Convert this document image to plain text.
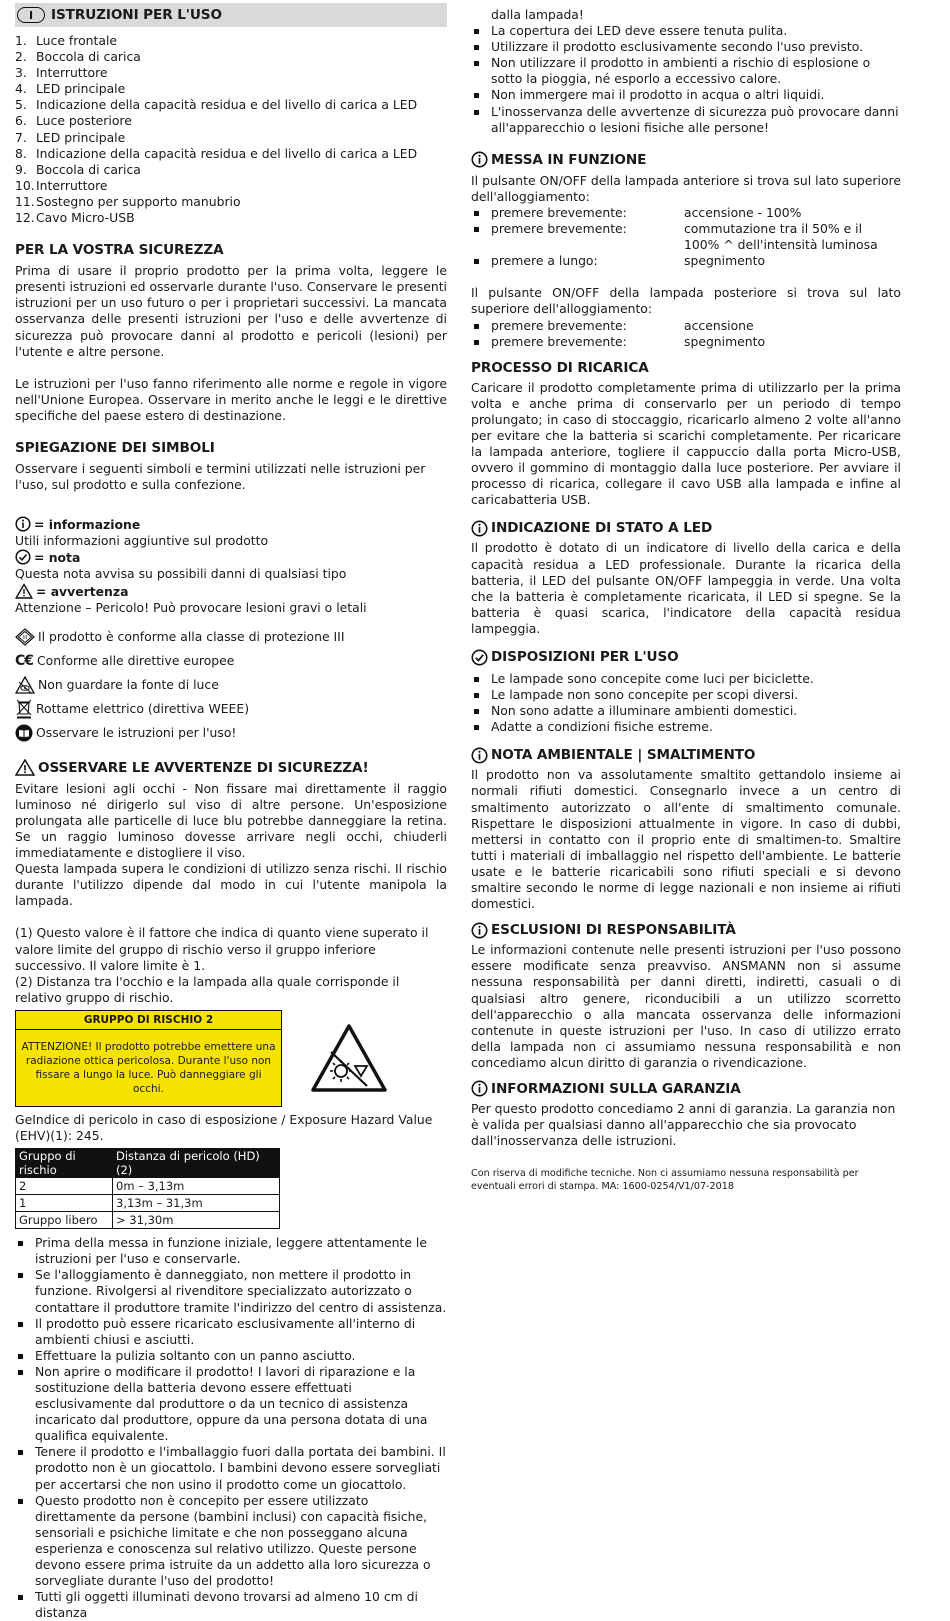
I	ISTRUZIONI PER L'USO
1. Luce frontale
2. Boccola di carica
3. Interruttore
4. LED principale
5. Indicazione della capacità residua e del livello di carica a LED
6. Luce posteriore
7. LED principale
8. Indicazione della capacità residua e del livello di carica a LED
9. Boccola di carica
10. Interruttore
11. Sostegno per supporto manubrio
12. Cavo Micro-USB
PER LA VOSTRA SICUREZZA

Prima di usare il proprio prodotto per la prima volta, leggere le presenti istruzioni ed osservarle durante l'uso. Conservare le presenti istruzioni per un uso futuro o per i proprietari successivi. La mancata osservanza delle presenti istruzioni per l'uso e delle avvertenze di sicurezza può provocare danni al prodotto e pericoli (lesioni) per l'utente e altre persone.

Le istruzioni per l'uso fanno riferimento alle norme e regole in vigore nell'Unione Europea. Osservare in merito anche le leggi e le direttive specifiche del paese estero di destinazione.

SPIEGAZIONE DEI SIMBOLI

Osservare i seguenti simboli e termini utilizzati nelle istruzioni per l'uso, sul prodotto e sulla confezione.

= informazione
Utili informazioni aggiuntive sul prodotto
= nota
Questa nota avvisa su possibili danni di qualsiasi tipo
= avvertenza
Attenzione – Pericolo! Può provocare lesioni gravi o letali
III Il prodotto è conforme alla classe di protezione III
C€ Conforme alle direttive europee
Non guardare la fonte di luce
Rottame elettrico (direttiva WEEE)
Osservare le istruzioni per l'uso!
OSSERVARE LE AVVERTENZE DI SICUREZZA!

Evitare lesioni agli occhi - Non fissare mai direttamente il raggio luminoso né dirigerlo sul viso di altre persone. Un'esposizione prolungata alle particelle di luce blu potrebbe danneggiare la retina. Se un raggio luminoso dovesse arrivare negli occhi, chiuderli immediatamente e distogliere il viso.

Questa lampada supera le condizioni di utilizzo senza rischi. Il rischio durante l'utilizzo dipende dal modo in cui l'utente manipola la lampada.

(1) Questo valore è il fattore che indica di quanto viene superato il valore limite del gruppo di rischio verso il gruppo inferiore successivo. Il valore limite è 1.

(2) Distanza tra l'occhio e la lampada alla quale corrisponde il relativo gruppo di rischio.

GRUPPO DI RISCHIO 2
ATTENZIONE! Il prodotto potrebbe emettere una radiazione ottica pericolosa. Durante l'uso non fissare a lungo la luce. Può danneggiare gli occhi.

GeIndice di pericolo in caso di esposizione / Exposure Hazard Value (EHV)(1): 245.

Gruppo di rischio	Distanza di pericolo (HD)(2)
2	0m – 3,13m
1	3,13m – 31,3m
Gruppo libero	> 31,30m
Prima della messa in funzione iniziale, leggere attentamente le istruzioni per l'uso e conservarle.
Se l'alloggiamento è danneggiato, non mettere il prodotto in funzione. Rivolgersi al rivenditore specializzato autorizzato o contattare il produttore tramite l'indirizzo del centro di assistenza.
Il prodotto può essere ricaricato esclusivamente all'interno di ambienti chiusi e asciutti.
Effettuare la pulizia soltanto con un panno asciutto.
Non aprire o modificare il prodotto! I lavori di riparazione e la sostituzione della batteria devono essere effettuati esclusivamente dal produttore o da un tecnico di assistenza incaricato dal produttore, oppure da una persona dotata di una qualifica equivalente.
Tenere il prodotto e l'imballaggio fuori dalla portata dei bambini. Il prodotto non è un giocattolo. I bambini devono essere sorvegliati per accertarsi che non usino il prodotto come un giocattolo.
Questo prodotto non è concepito per essere utilizzato direttamente da persone (bambini inclusi) con capacità fisiche, sensoriali e psichiche limitate e che non posseggano alcuna esperienza e conoscenza sul relativo utilizzo. Queste persone devono essere prima istruite da un addetto alla loro sicurezza o sorvegliate durante l'uso del prodotto!
Tutti gli oggetti illuminati devono trovarsi ad almeno 10 cm di distanza

dalla lampada!

La copertura dei LED deve essere tenuta pulita.
Utilizzare il prodotto esclusivamente secondo l'uso previsto.
Non utilizzare il prodotto in ambienti a rischio di esplosione o sotto la pioggia, né esporlo a eccessivo calore.
Non immergere mai il prodotto in acqua o altri liquidi.
L'inosservanza delle avvertenze di sicurezza può provocare danni all'apparecchio o lesioni fisiche alle persone!
MESSA IN FUNZIONE

Il pulsante ON/OFF della lampada anteriore si trova sul lato superiore dell'alloggiamento:

premere brevemente:	accensione - 100%
premere brevemente:	commutazione tra il 50% e il 100% ^ dell'intensità luminosa
premere a lungo:	spegnimento

Il pulsante ON/OFF della lampada posteriore si trova sul lato superiore dell'alloggiamento:

premere brevemente:	accensione
premere brevemente:	spegnimento
PROCESSO DI RICARICA

Caricare il prodotto completamente prima di utilizzarlo per la prima volta e anche prima di conservarlo per un periodo di tempo prolungato; in caso di stoccaggio, ricaricarlo almeno 2 volte all'anno per evitare che la batteria si scarichi completamente. Per ricaricare la lampada anteriore, togliere il cappuccio dalla porta Micro-USB, ovvero il gommino di montaggio dalla luce posteriore. Per avviare il processo di ricarica, collegare il cavo USB alla lampada e infine al caricabatteria USB.

INDICAZIONE DI STATO A LED

Il prodotto è dotato di un indicatore di livello della carica e della capacità residua a LED professionale. Durante la ricarica della batteria, il LED del pulsante ON/OFF lampeggia in verde. Una volta che la batteria è completamente ricaricata, il LED si spegne. Se la batteria è quasi scarica, l'indicatore della capacità residua lampeggia.

DISPOSIZIONI PER L'USO
Le lampade sono concepite come luci per biciclette.
Le lampade non sono concepite per scopi diversi.
Non sono adatte a illuminare ambienti domestici.
Adatte a condizioni fisiche estreme.
NOTA AMBIENTALE | SMALTIMENTO

Il prodotto non va assolutamente smaltito gettandolo insieme ai normali rifiuti domestici. Consegnarlo invece a un centro di smaltimento autorizzato o all'ente di smaltimento comunale. Rispettare le disposizioni attualmente in vigore. In caso di dubbi, mettersi in contatto con il proprio ente di smaltimen-to. Smaltire tutti i materiali di imballaggio nel rispetto dell'ambiente. Le batterie usate e le batterie ricaricabili sono rifiuti speciali e si devono smaltire secondo le norme di legge nazionali e non insieme ai rifiuti domestici.

ESCLUSIONI DI RESPONSABILITÀ

Le informazioni contenute nelle presenti istruzioni per l'uso possono essere modificate senza preavviso. ANSMANN non si assume nessuna responsabilità per danni diretti, indiretti, casuali o di qualsiasi altro genere, riconducibili a un utilizzo scorretto dell'apparecchio o alla mancata osservanza delle informazioni contenute in queste istruzioni per l'uso. In caso di utilizzo errato della lampada non ci assumiamo nessuna responsabilità e non concediamo alcun diritto di garanzia o rivendicazione.

INFORMAZIONI SULLA GARANZIA

Per questo prodotto concediamo 2 anni di garanzia. La garanzia non è valida per qualsiasi danno all'apparecchio che sia provocato dall'inosservanza delle istruzioni.

Con riserva di modifiche tecniche. Non ci assumiamo nessuna responsabilità per eventuali errori di stampa. MA: 1600-0254/V1/07-2018
